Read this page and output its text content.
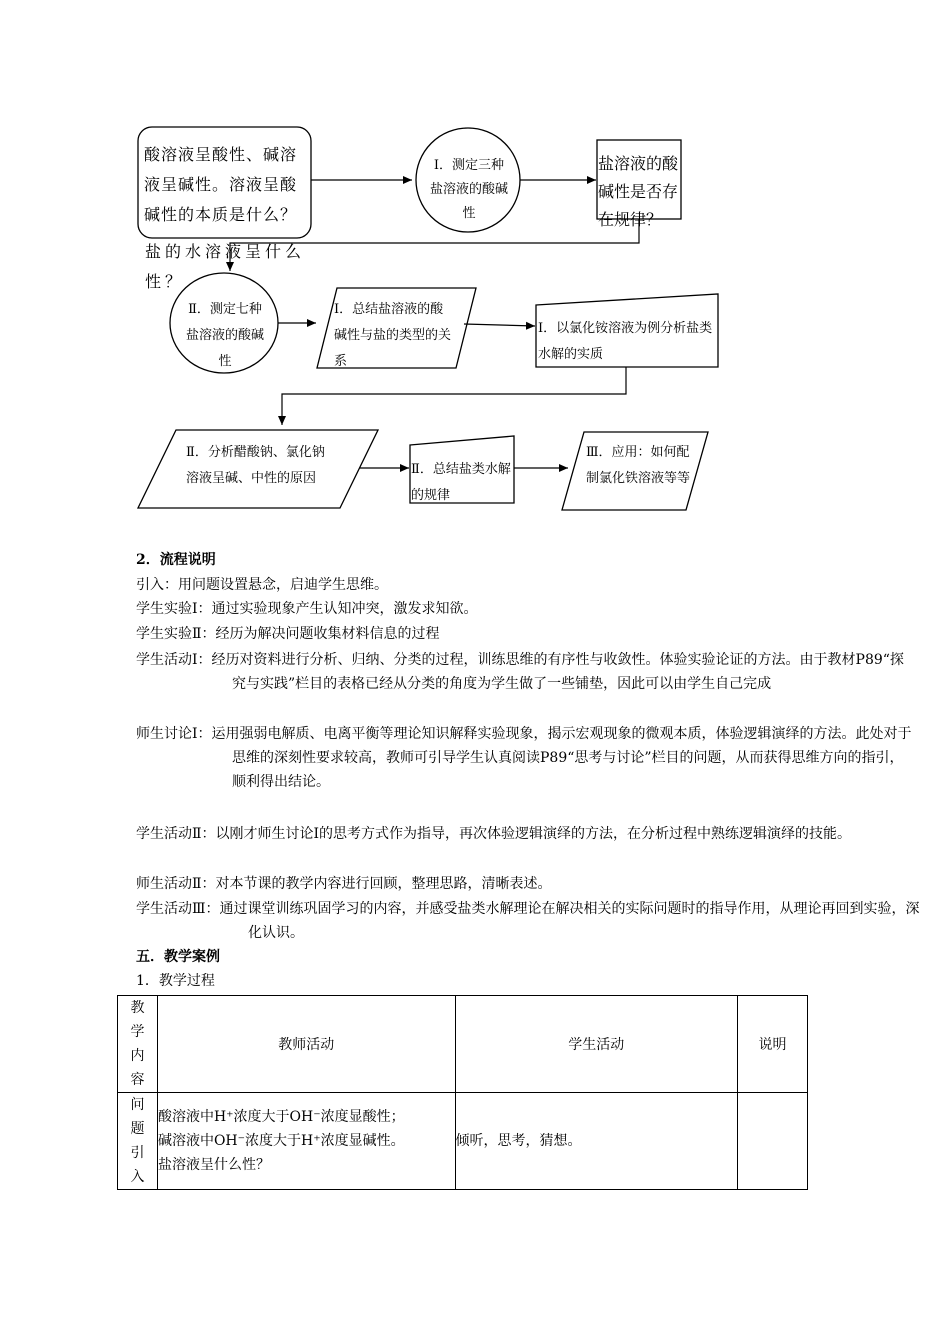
酸溶液呈酸性、碱溶液呈碱性。溶液呈酸碱性的本质是什么？
Ⅰ．测定三种盐溶液的酸碱性
盐溶液的酸碱性是否存在规律？
盐的水溶液呈什么性？
Ⅱ．测定七种盐溶液的酸碱性
Ⅰ．总结盐溶液的酸碱性与盐的类型的关系
Ⅰ．以氯化铵溶液为例分析盐类水解的实质
Ⅱ．分析醋酸钠、氯化钠溶液呈碱、中性的原因
Ⅱ．总结盐类水解的规律
Ⅲ．应用：如何配制氯化铁溶液等等
2．流程说明
引入：用问题设置悬念，启迪学生思维。
学生实验Ⅰ：通过实验现象产生认知冲突，激发求知欲。
学生实验Ⅱ：经历为解决问题收集材料信息的过程
学生活动Ⅰ：经历对资料进行分析、归纳、分类的过程，训练思维的有序性与收敛性。体验实验论证的方法。由于教材P89“探究与实践”栏目的表格已经从分类的角度为学生做了一些铺垫，因此可以由学生自己完成
师生讨论Ⅰ：运用强弱电解质、电离平衡等理论知识解释实验现象，揭示宏观现象的微观本质，体验逻辑演绎的方法。此处对于思维的深刻性要求较高，教师可引导学生认真阅读P89“思考与讨论”栏目的问题，从而获得思维方向的指引，顺利得出结论。
学生活动Ⅱ：以刚才师生讨论Ⅰ的思考方式作为指导，再次体验逻辑演绎的方法，在分析过程中熟练逻辑演绎的技能。
师生活动Ⅱ：对本节课的教学内容进行回顾，整理思路，清晰表述。
学生活动Ⅲ：通过课堂训练巩固学习的内容，并感受盐类水解理论在解决相关的实际问题时的指导作用，从理论再回到实验，深化认识。
五．教学案例
1．教学过程
教学内容	教师活动	学生活动	说明

问题引入	酸溶液中H⁺浓度大于OH⁻浓度显酸性；
碱溶液中OH⁻浓度大于H⁺浓度显碱性。
盐溶液呈什么性？	倾听，思考，猜想。	
